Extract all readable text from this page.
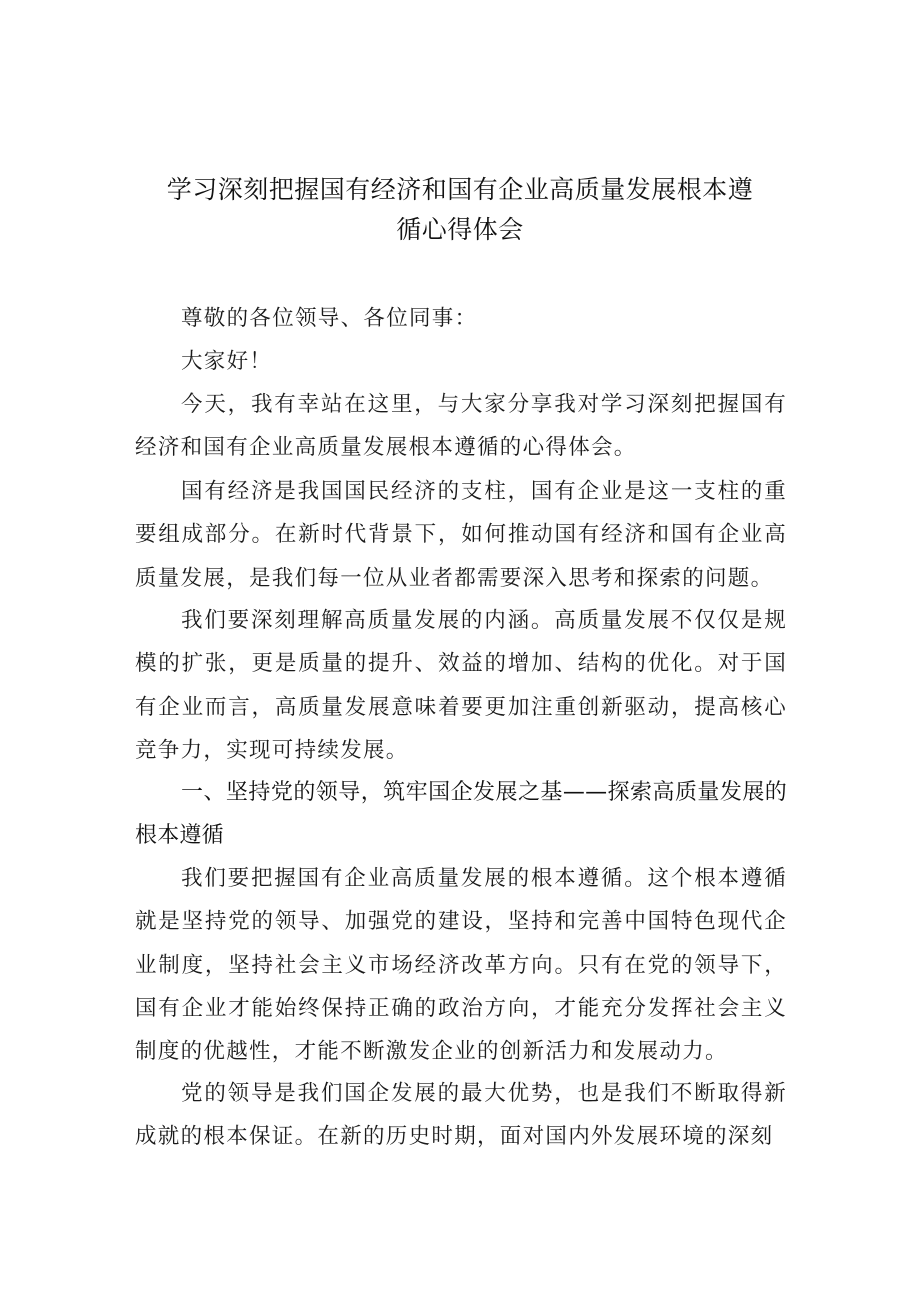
学习深刻把握国有经济和国有企业高质量发展根本遵
循心得体会

尊敬的各位领导、各位同事：

大家好！

今天，我有幸站在这里，与大家分享我对学习深刻把握国有经济和国有企业高质量发展根本遵循的心得体会。

国有经济是我国国民经济的支柱，国有企业是这一支柱的重要组成部分。在新时代背景下，如何推动国有经济和国有企业高质量发展，是我们每一位从业者都需要深入思考和探索的问题。

我们要深刻理解高质量发展的内涵。高质量发展不仅仅是规模的扩张，更是质量的提升、效益的增加、结构的优化。对于国有企业而言，高质量发展意味着要更加注重创新驱动，提高核心竞争力，实现可持续发展。

一、坚持党的领导，筑牢国企发展之基——探索高质量发展的根本遵循

我们要把握国有企业高质量发展的根本遵循。这个根本遵循就是坚持党的领导、加强党的建设，坚持和完善中国特色现代企业制度，坚持社会主义市场经济改革方向。只有在党的领导下，国有企业才能始终保持正确的政治方向，才能充分发挥社会主义制度的优越性，才能不断激发企业的创新活力和发展动力。

党的领导是我们国企发展的最大优势，也是我们不断取得新成就的根本保证。在新的历史时期，面对国内外发展环境的深刻
